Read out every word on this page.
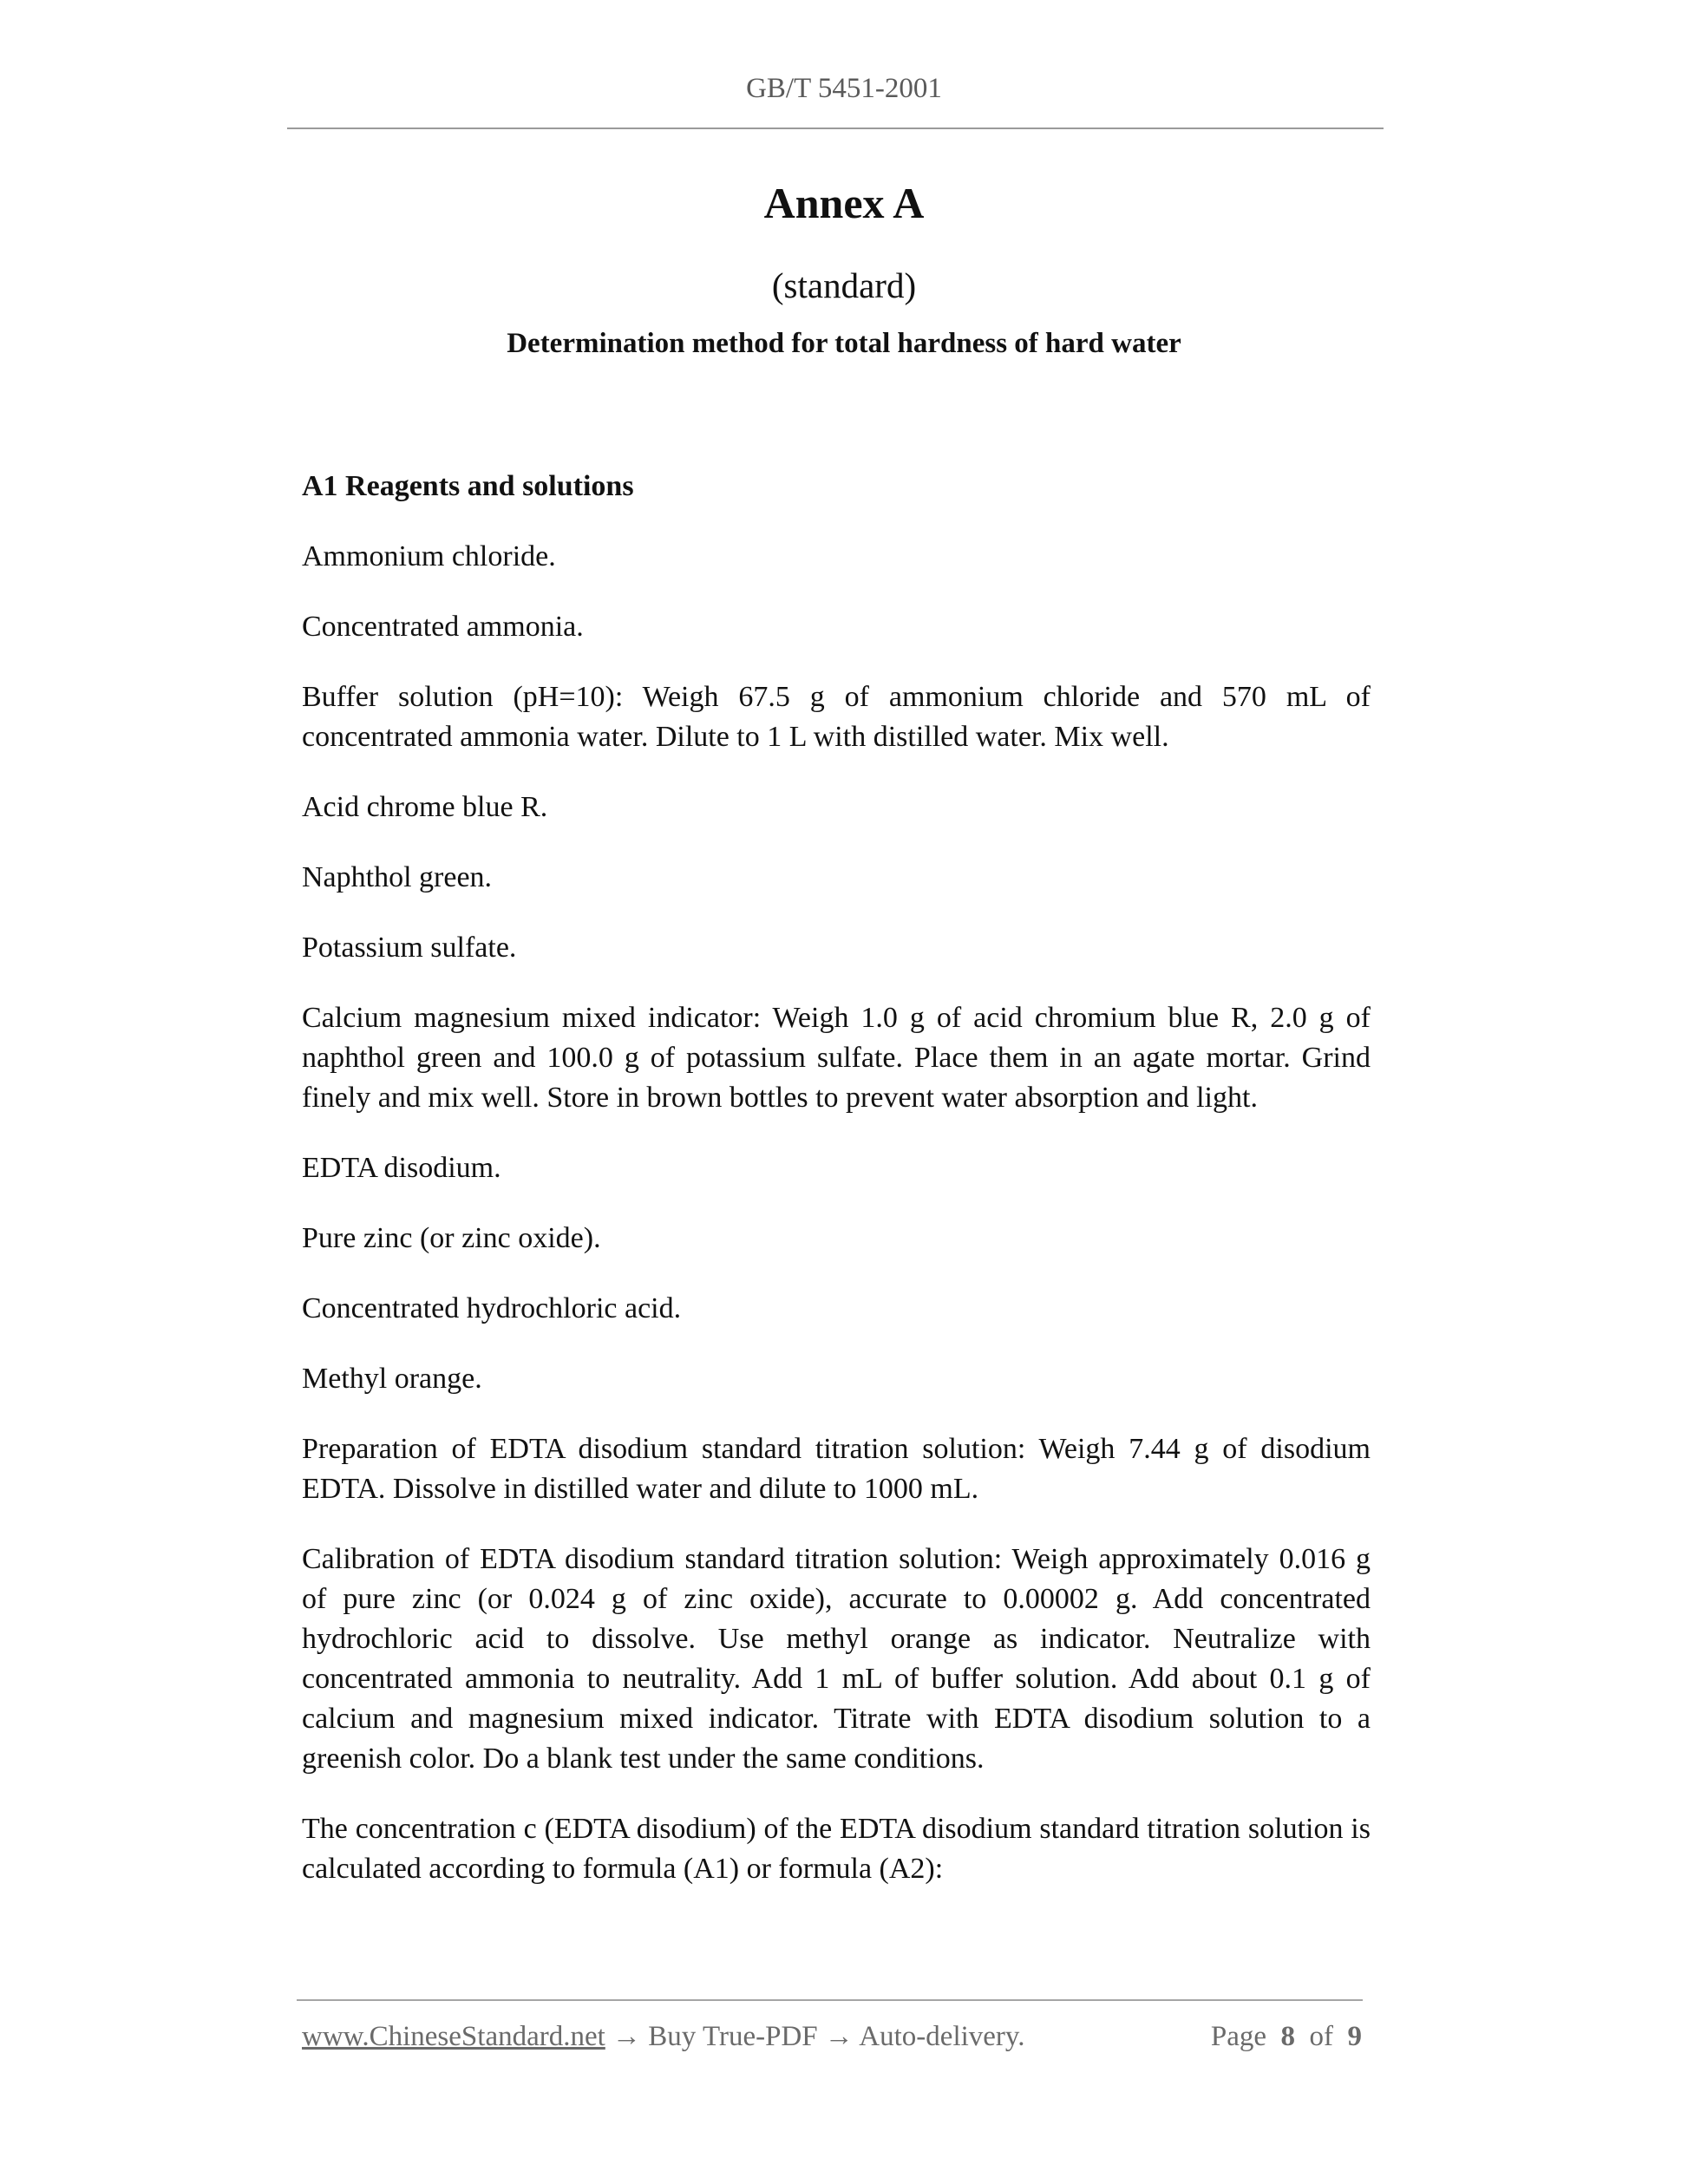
GB/T 5451-2001
Annex A
(standard)
Determination method for total hardness of hard water

A1 Reagents and solutions

Ammonium chloride.

Concentrated ammonia.

Buffer solution (pH=10): Weigh 67.5 g of ammonium chloride and 570 mL of concentrated ammonia water. Dilute to 1 L with distilled water. Mix well.

Acid chrome blue R.

Naphthol green.

Potassium sulfate.

Calcium magnesium mixed indicator: Weigh 1.0 g of acid chromium blue R, 2.0 g of naphthol green and 100.0 g of potassium sulfate. Place them in an agate mortar. Grind finely and mix well. Store in brown bottles to prevent water absorption and light.

EDTA disodium.

Pure zinc (or zinc oxide).

Concentrated hydrochloric acid.

Methyl orange.

Preparation of EDTA disodium standard titration solution: Weigh 7.44 g of disodium EDTA. Dissolve in distilled water and dilute to 1000 mL.

Calibration of EDTA disodium standard titration solution: Weigh approximately 0.016 g of pure zinc (or 0.024 g of zinc oxide), accurate to 0.00002 g. Add concentrated hydrochloric acid to dissolve. Use methyl orange as indicator. Neutralize with concentrated ammonia to neutrality. Add 1 mL of buffer solution. Add about 0.1 g of calcium and magnesium mixed indicator. Titrate with EDTA disodium solution to a greenish color. Do a blank test under the same conditions.

The concentration c (EDTA disodium) of the EDTA disodium standard titration solution is calculated according to formula (A1) or formula (A2):

www.ChineseStandard.net → Buy True-PDF → Auto-delivery.	Page 8 of 9
